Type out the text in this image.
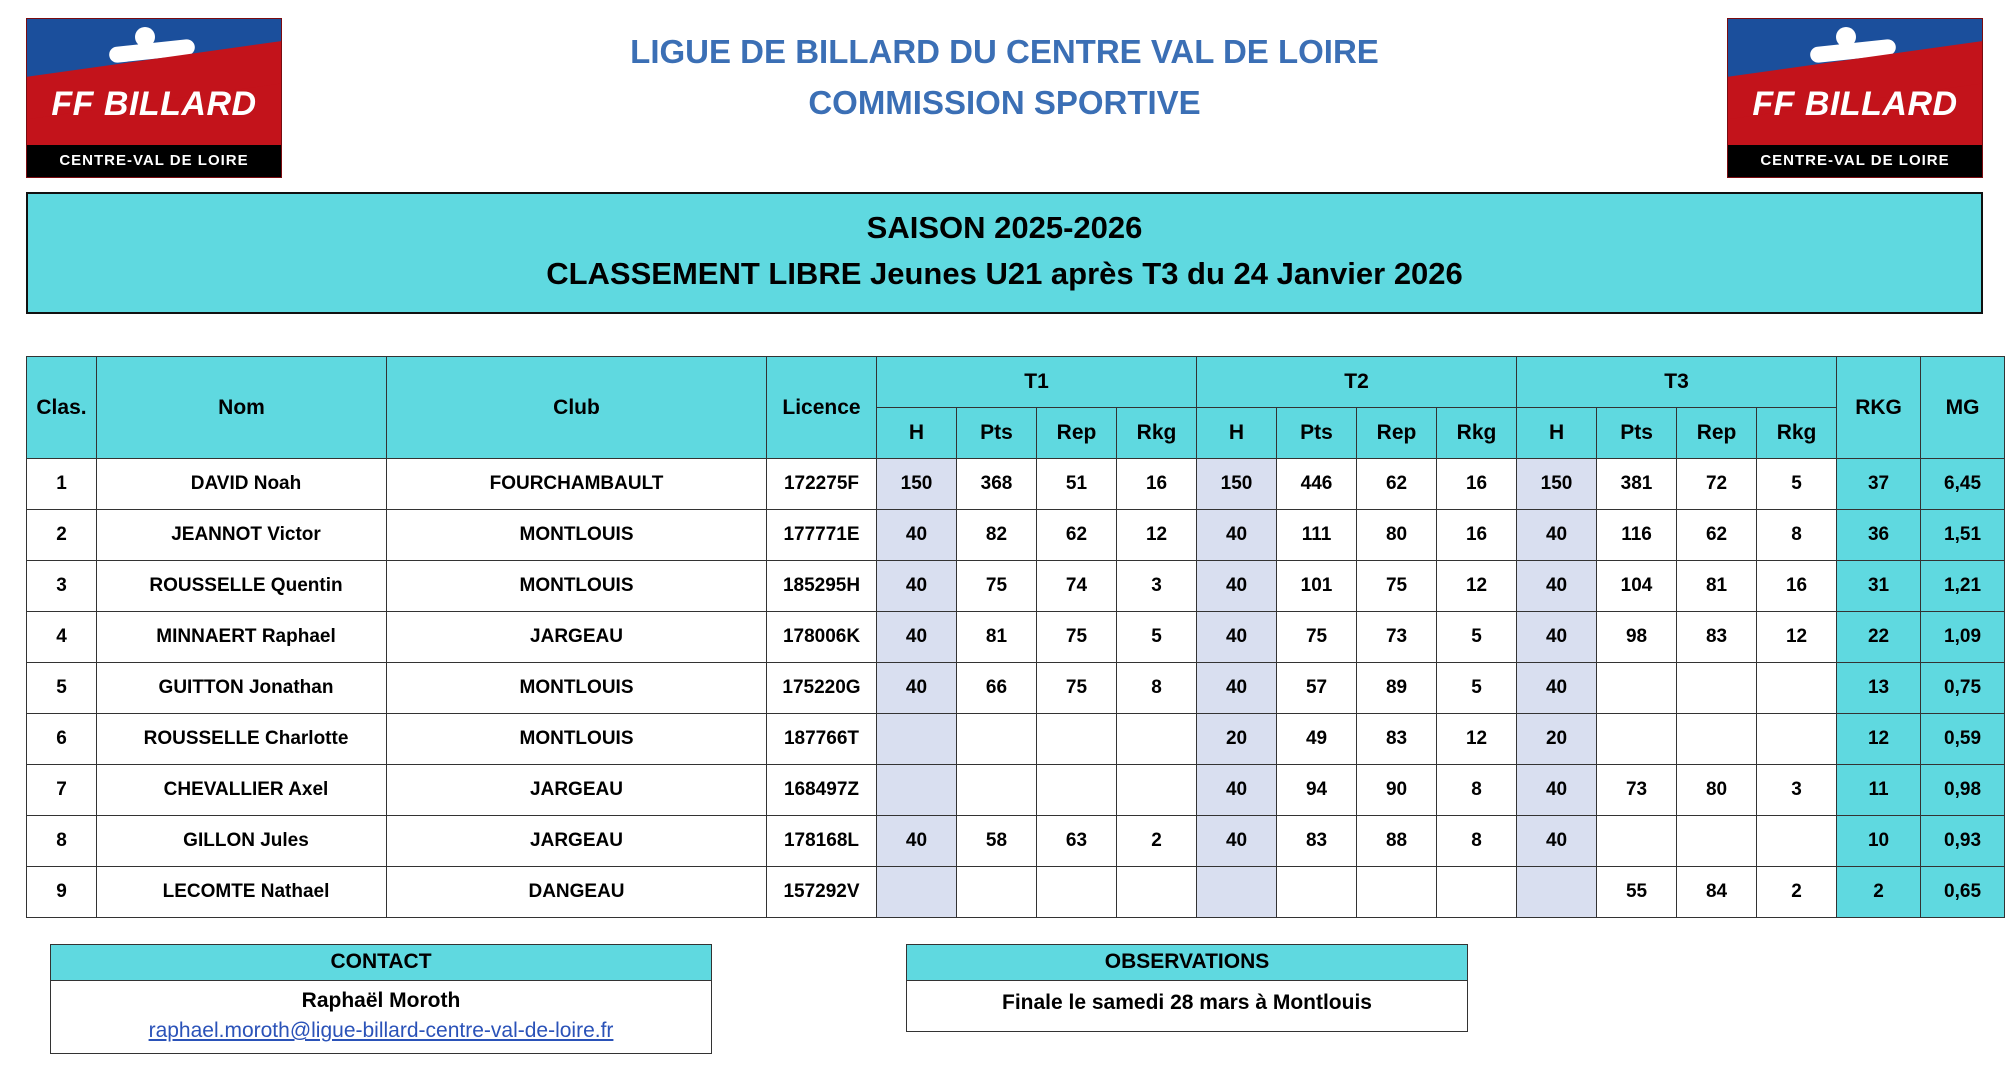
FF BILLARD
CENTRE-VAL DE LOIRE
LIGUE DE BILLARD DU CENTRE VAL DE LOIRE
COMMISSION SPORTIVE	FF BILLARD
CENTRE-VAL DE LOIRE
SAISON 2025-2026
CLASSEMENT LIBRE Jeunes U21 après T3 du 24 Janvier 2026
Clas.	Nom	Club	Licence	T1				T2				T3				RKG	MG
				H	Pts	Rep	Rkg	H	Pts	Rep	Rkg	H	Pts	Rep	Rkg		
1	DAVID Noah	FOURCHAMBAULT	172275F	150	368	51	16	150	446	62	16	150	381	72	5	37	6,45
2	JEANNOT Victor	MONTLOUIS	177771E	40	82	62	12	40	111	80	16	40	116	62	8	36	1,51
3	ROUSSELLE Quentin	MONTLOUIS	185295H	40	75	74	3	40	101	75	12	40	104	81	16	31	1,21
4	MINNAERT Raphael	JARGEAU	178006K	40	81	75	5	40	75	73	5	40	98	83	12	22	1,09
5	GUITTON Jonathan	MONTLOUIS	175220G	40	66	75	8	40	57	89	5	40				13	0,75
6	ROUSSELLE Charlotte	MONTLOUIS	187766T					20	49	83	12	20				12	0,59
7	CHEVALLIER Axel	JARGEAU	168497Z					40	94	90	8	40	73	80	3	11	0,98
8	GILLON Jules	JARGEAU	178168L	40	58	63	2	40	83	88	8	40				10	0,93
9	LECOMTE Nathael	DANGEAU	157292V										55	84	2	2	0,65
CONTACT
Raphaël Moroth
raphael.moroth@ligue-billard-centre-val-de-loire.fr
OBSERVATIONS
Finale le samedi 28 mars à Montlouis
